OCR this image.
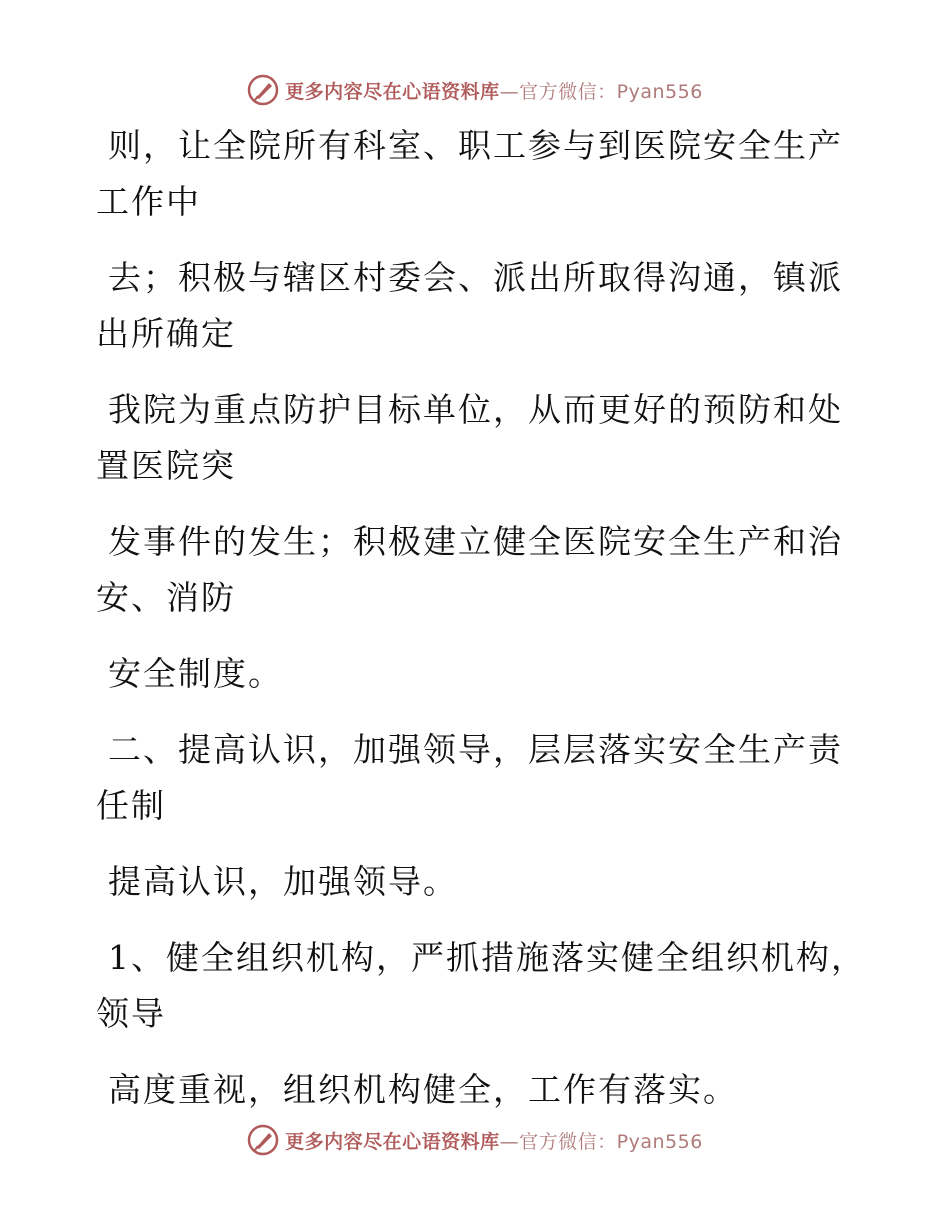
更多内容尽在心语资料库—官方微信：Pyan556
则，让全院所有科室、职工参与到医院安全生产
工作中
去；积极与辖区村委会、派出所取得沟通，镇派
出所确定
我院为重点防护目标单位，从而更好的预防和处
置医院突
发事件的发生；积极建立健全医院安全生产和治
安、消防
安全制度。
二、提高认识，加强领导，层层落实安全生产责
任制
提高认识，加强领导。
1、健全组织机构，严抓措施落实健全组织机构，
领导
高度重视，组织机构健全，工作有落实。
更多内容尽在心语资料库—官方微信：Pyan556
